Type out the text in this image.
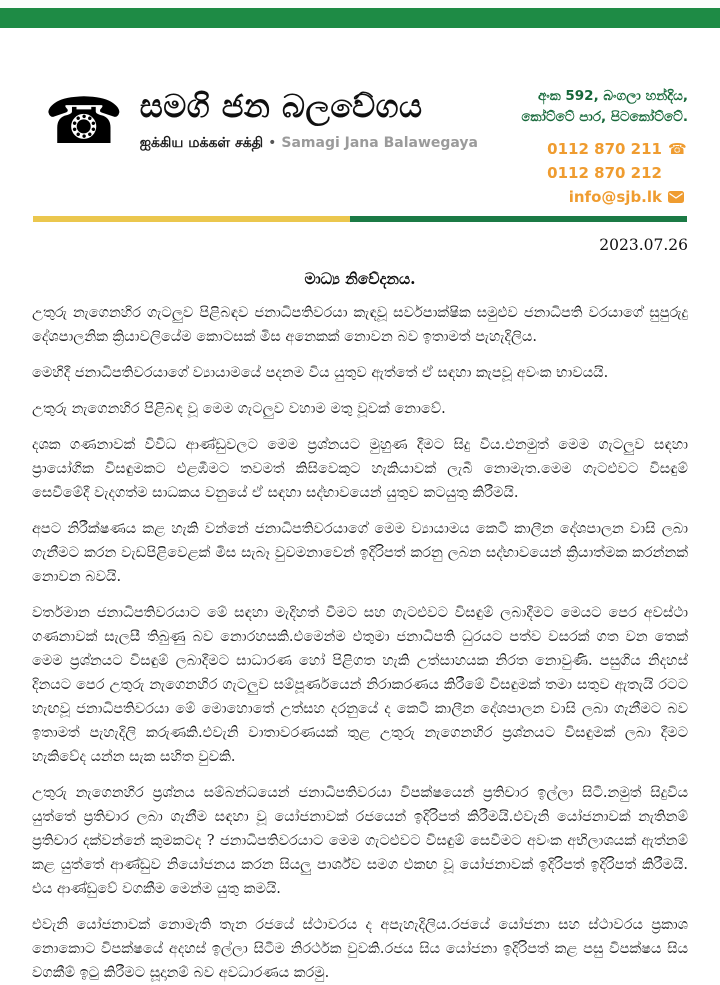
☎ සමගි ජන බලවේගය
ஐக்கிய மக்கள் சக்தி • Samagi Jana Balawegaya
අංක 592, බංගලා හන්දිය,
කෝට්ටේ පාර, පිටකෝට්ටේ.
0112 870 211 ☎
0112 870 212
info@sjb.lk
2023.07.26
මාධ්‍ය නිවේදනය.

උතුරු නැගෙනහිර ගැටලුව පිළිබඳව ජනාධිපතිවරයා කැඳවූ සර්වපාක්ෂික සමුළුව ජනාධිපති වරයාගේ සුපුරුදු දේශපාලනික ක්‍රියාවලියේම කොටසක් මිස අනෙකක් නොවන බව ඉතාමත් පැහැදිලිය.

මෙහිදී ජනාධිපතිවරයාගේ ව්‍යායාමයේ පදනම විය යුතුව ඇත්තේ ඒ සඳහා කැපවූ අවංක භාවයයි.

උතුරු නැගෙනහිර පිළිබඳ වූ මෙම ගැටලුව වහාම මතු වූවක් නොවේ.

දශක ගණනාවක් විවිධ ආණ්ඩුවලට මෙම ප්‍රශ්නයට මුහුණ දීමට සිදු විය.එනමුත් මෙම ගැටලුව සඳහා ප්‍රායෝගික විසඳුමකට එළඹීමට තවමත් කිසිවෙකුට හැකියාවක් ලැබී නොමැත.මෙම ගැටළුවට විසඳුම් සෙවීමේදී වැදගත්ම සාධකය වනුයේ ඒ සඳහා සද්භාවයෙන් යුතුව කටයුතු කිරීමයි.

අපට නිරීක්ෂණය කළ හැකි වන්නේ ජනාධිපතිවරයාගේ මෙම ව්‍යායාමය කෙටි කාලීන දේශපාලන වාසි ලබා ගැනීමට කරන වැඩපිළිවෙළක් මිස සැබෑ වුවමනාවෙන් ඉදිරිපත් කරනු ලබන සද්භාවයෙන් ක්‍රියාත්මක කරන්නක් නොවන බවයි.

වර්තමාන ජනාධිපතිවරයාට මේ සඳහා මැදිහත් වීමට සහ ගැටළුවට විසඳුම් ලබාදීමට මෙයට පෙර අවස්ථා ගණනාවක් සැලසී තිබුණු බව නොරහසකි.එමෙන්ම එතුමා ජනාධිපති ධුරයට පත්ව වසරක් ගත වන තෙක් මෙම ප්‍රශ්නයට විසඳුම් ලබාදීමට සාධාරණ හෝ පිළිගත හැකි උත්සාහයක නිරත නොවුණි. පසුගිය නිදහස් දිනයට පෙර උතුරු නැගෙනහිර ගැටලුව සම්පූර්ණයෙන් නිරාකරණය කිරීමේ විසඳුමක් තමා සතුව ඇතැයි රටට හැඟවූ ජනාධිපතිවරයා මේ මොහොතේ උත්සහ දරනුයේ ද කෙටි කාලීන දේශපාලන වාසි ලබා ගැනීමට බව ඉතාමත් පැහැදිලි කරුණකි.එවැනි වාතාවරණයක් තුළ උතුරු නැගෙනහිර ප්‍රශ්නයට විසඳුමක් ලබා දීමට හැකිවේද යන්න සැක සහිත වුවකි.

උතුරු නැගෙනහිර ප්‍රශ්නය සම්බන්ධයෙන් ජනාධිපතිවරයා විපක්ෂයෙන් ප්‍රතිචාර ඉල්ලා සිටී.නමුත් සිදුවිය යුත්තේ ප්‍රතිචාර ලබා ගැනීම සඳහා වූ යෝජනාවක් රජයෙන් ඉදිරිපත් කිරීමයි.එවැනි යෝජනාවක් නැතිනම් ප්‍රතිචාර දක්වන්නේ කුමකටද ? ජනාධිපතිවරයාට මෙම ගැටළුවට විසඳුම් සෙවීමට අවංක අභිලාශයක් ඇත්නම් කළ යුත්තේ ආණ්ඩුව නියෝජනය කරන සියලු පාර්ශ්ව සමග එකඟ වූ යෝජනාවක් ඉදිරිපත් ඉදිරිපත් කිරීමයි. එය ආණ්ඩුවේ වගකීම මෙන්ම යුතු කමයි.

එවැනි යෝජනාවක් නොමැති තැන රජයේ ස්ථාවරය ද අපැහැදිලිය.රජයේ යෝජනා සහ ස්ථාවරය ප්‍රකාශ නොකොට විපක්ෂයේ අදහස් ඉල්ලා සිටීම නිරර්ථක වුවකි.රජය සිය යෝජනා ඉදිරිපත් කළ පසු විපක්ෂය සිය වගකීම් ඉටු කිරීමට සූදානම් බව අවධාරණය කරමු.
